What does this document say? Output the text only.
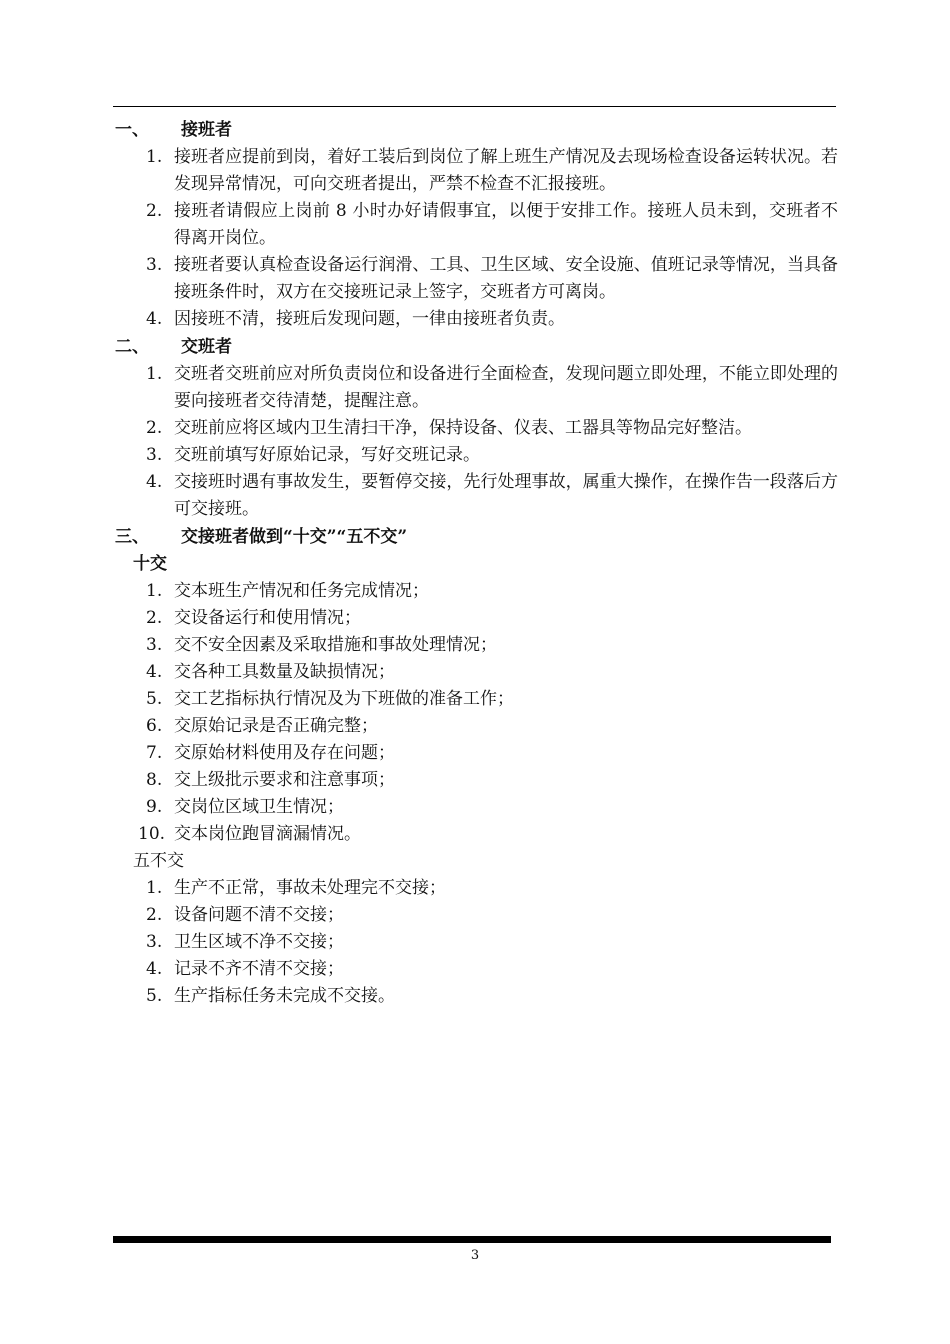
一、 接班者
1. 接班者应提前到岗，着好工装后到岗位了解上班生产情况及去现场检查设备运转状况。若发现异常情况，可向交班者提出，严禁不检查不汇报接班。
2. 接班者请假应上岗前 8 小时办好请假事宜，以便于安排工作。接班人员未到，交班者不得离开岗位。
3. 接班者要认真检查设备运行润滑、工具、卫生区域、安全设施、值班记录等情况，当具备接班条件时，双方在交接班记录上签字，交班者方可离岗。
4. 因接班不清，接班后发现问题，一律由接班者负责。
二、 交班者
1. 交班者交班前应对所负责岗位和设备进行全面检查，发现问题立即处理，不能立即处理的要向接班者交待清楚，提醒注意。
2. 交班前应将区域内卫生清扫干净，保持设备、仪表、工器具等物品完好整洁。
3. 交班前填写好原始记录，写好交班记录。
4. 交接班时遇有事故发生，要暂停交接，先行处理事故，属重大操作，在操作告一段落后方可交接班。
三、 交接班者做到“十交”“五不交”
十交
1. 交本班生产情况和任务完成情况；
2. 交设备运行和使用情况；
3. 交不安全因素及采取措施和事故处理情况；
4. 交各种工具数量及缺损情况；
5. 交工艺指标执行情况及为下班做的准备工作；
6. 交原始记录是否正确完整；
7. 交原始材料使用及存在问题；
8. 交上级批示要求和注意事项；
9. 交岗位区域卫生情况；
10. 交本岗位跑冒滴漏情况。
五不交
1. 生产不正常，事故未处理完不交接；
2. 设备问题不清不交接；
3. 卫生区域不净不交接；
4. 记录不齐不清不交接；
5. 生产指标任务未完成不交接。
3
